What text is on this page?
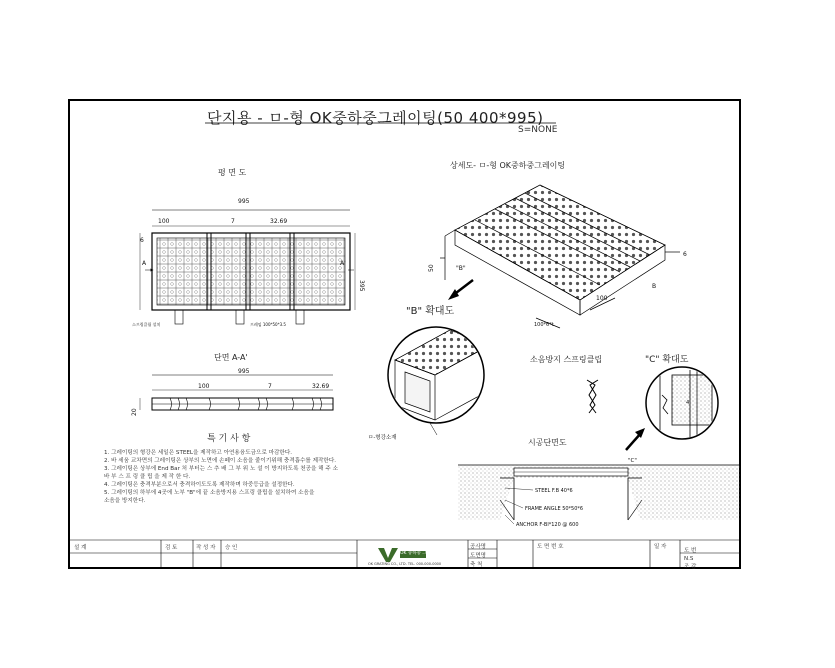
단지용 - ㅁ-형 OK중하중그레이팅(50 400*995)
S=NONE
평 면 도
상세도- ㅁ-형 OK중하중그레이팅
단면 A-A'
"B" 확대도
소음방지 스프링클립	"C" 확대도
시공단면도
특 기 사 항
1. 그레이팅의 형강은 세일은 STEEL을 제작하고 아연용융도금으로 마감한다.
2. 바 세움 교차면의 그레이팅은 상부의 노면에 손떼이 소음을 줄이기위해 충격흡수를 제작한다.
3. 그레이팅은 상부에 End Bar 처 부터는 스 추 배 그 부 위 노 설 이 방지하도록 천공을 해 주 소
바 부 스 프 링 클 립 을 제 작 한 다.
4. 그레이팅은 충격부분으로서 충격하이도도록 제작하며 하중등급을 설정한다.
5. 그레이팅의 하부에 4곳에 노부 "B"에 끝 소음방지용 스프링 클립을 설치하여 소음을
소음을 방지한다.
995
100	7	32.69
A	A'
395
6
스프링클립 설치	프레임 100*50*3.5
995
100	7	32.69
20
50	"B"
100
B
100*6*t
6
ㅁ-형강소재
4
"C"
STEEL F.B 40*6
FRAME ANGLE 50*50*6
ANCHOR F-Bl*120 @ 600
설 계	검 토	작 성 자 승 인
OK 중하중 그레이팅
OK GRATING CO., LTD. TEL. 000-000-0000
공사명
도면명
축 척
도 면 번 호	일 자
도 번
N.S
조 감
